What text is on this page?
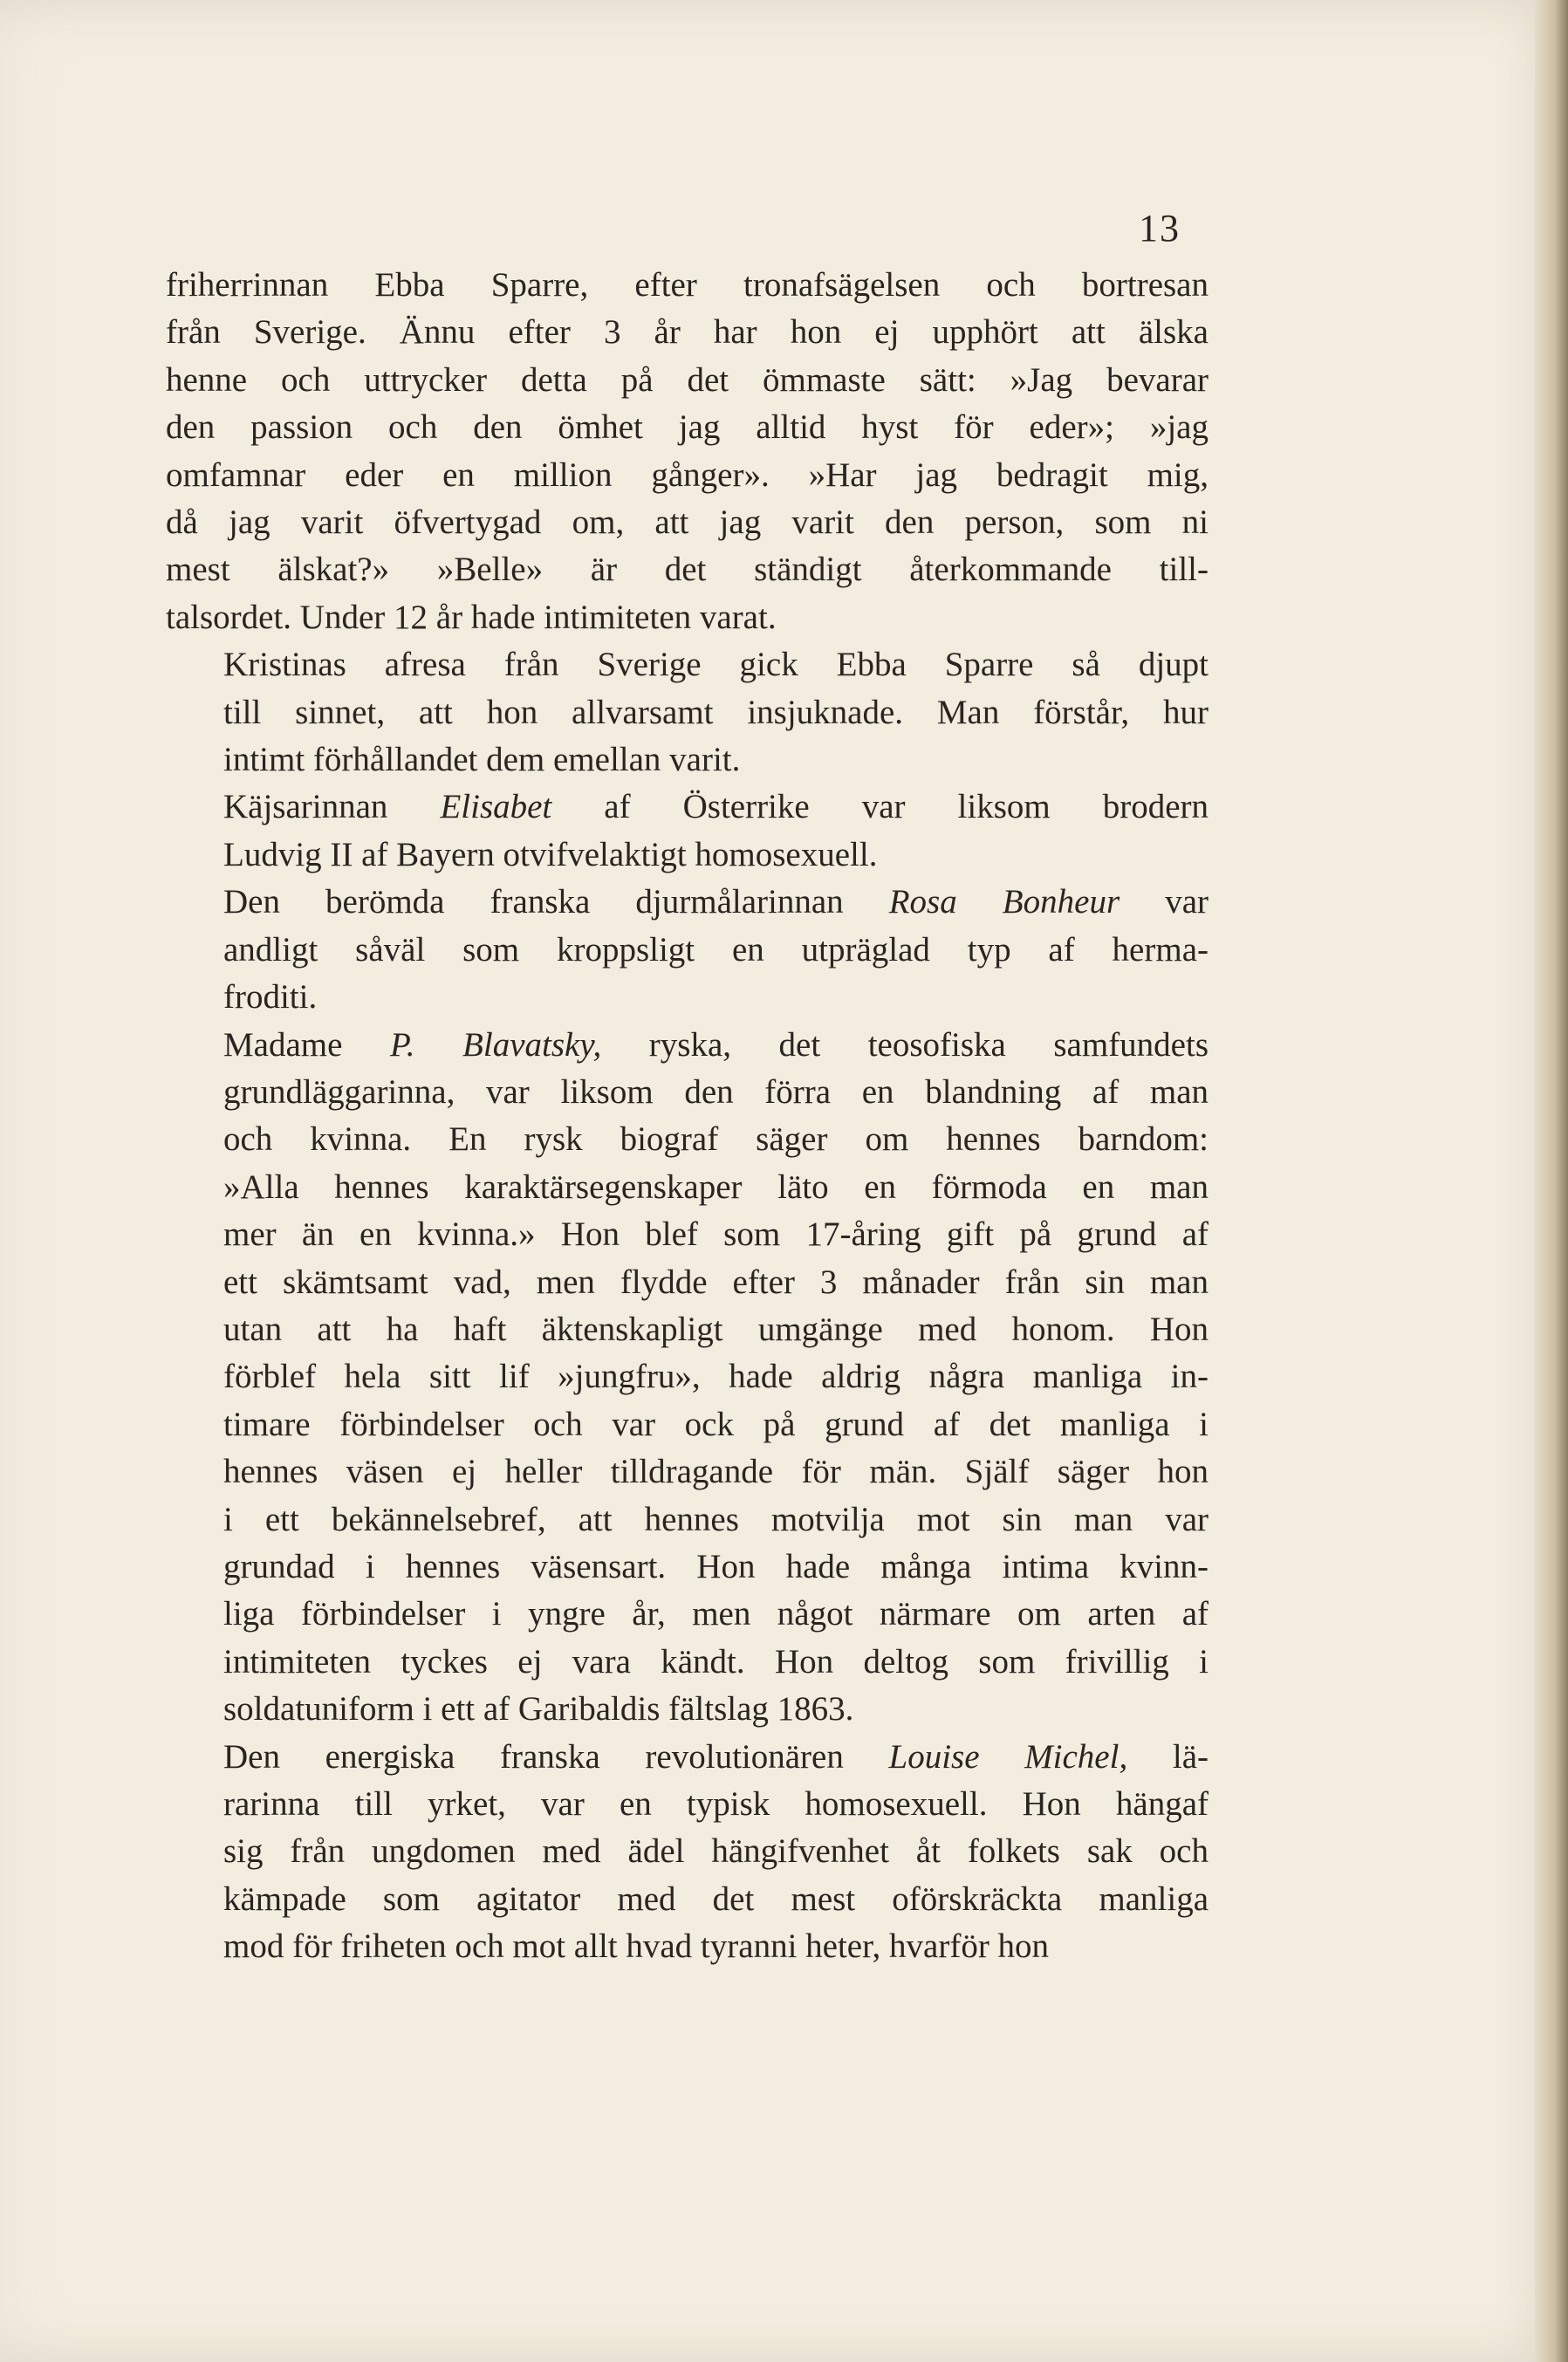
13

friherrinnan Ebba Sparre, efter tronafsägelsen och bortresan
från Sverige. Ännu efter 3 år har hon ej upphört att älska
henne och uttrycker detta på det ömmaste sätt: »Jag bevarar
den passion och den ömhet jag alltid hyst för eder»; »jag
omfamnar eder en million gånger». »Har jag bedragit mig,
då jag varit öfvertygad om, att jag varit den person, som ni
mest älskat?» »Belle» är det ständigt återkommande till-
talsordet. Under 12 år hade intimiteten varat.

Kristinas afresa från Sverige gick Ebba Sparre så djupt
till sinnet, att hon allvarsamt insjuknade. Man förstår, hur
intimt förhållandet dem emellan varit.

Käjsarinnan Elisabet af Österrike var liksom brodern
Ludvig II af Bayern otvifvelaktigt homosexuell.

Den berömda franska djurmålarinnan Rosa Bonheur var
andligt såväl som kroppsligt en utpräglad typ af herma-
froditi.

Madame P. Blavatsky, ryska, det teosofiska samfundets
grundläggarinna, var liksom den förra en blandning af man
och kvinna. En rysk biograf säger om hennes barndom:
»Alla hennes karaktärsegenskaper läto en förmoda en man
mer än en kvinna.» Hon blef som 17-åring gift på grund af
ett skämtsamt vad, men flydde efter 3 månader från sin man
utan att ha haft äktenskapligt umgänge med honom. Hon
förblef hela sitt lif »jungfru», hade aldrig några manliga in-
timare förbindelser och var ock på grund af det manliga i
hennes väsen ej heller tilldragande för män. Själf säger hon
i ett bekännelsebref, att hennes motvilja mot sin man var
grundad i hennes väsensart. Hon hade många intima kvinn-
liga förbindelser i yngre år, men något närmare om arten af
intimiteten tyckes ej vara kändt. Hon deltog som frivillig i
soldatuniform i ett af Garibaldis fältslag 1863.

Den energiska franska revolutionären Louise Michel, lä-
rarinna till yrket, var en typisk homosexuell. Hon hängaf
sig från ungdomen med ädel hängifvenhet åt folkets sak och
kämpade som agitator med det mest oförskräckta manliga
mod för friheten och mot allt hvad tyranni heter, hvarför hon
